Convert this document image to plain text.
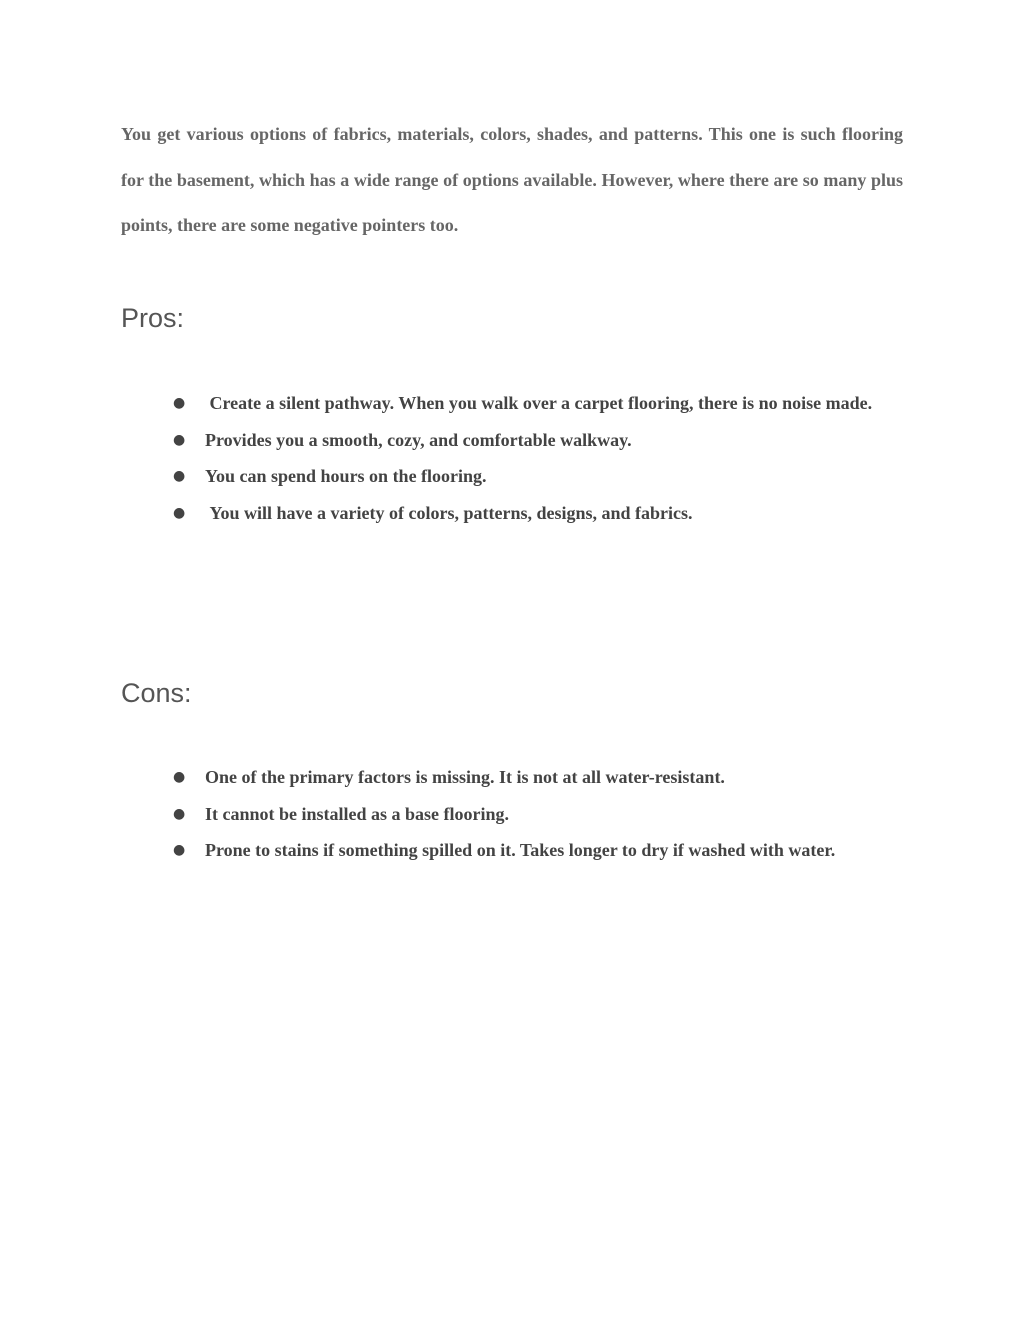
You get various options of fabrics, materials, colors, shades, and patterns. This one is such flooring for the basement, which has a wide range of options available. However, where there are so many plus points, there are some negative pointers too.

Pros:
● Create a silent pathway. When you walk over a carpet flooring, there is no noise made.
● Provides you a smooth, cozy, and comfortable walkway.
● You can spend hours on the flooring.
● You will have a variety of colors, patterns, designs, and fabrics.
Cons:
● One of the primary factors is missing. It is not at all water-resistant.
● It cannot be installed as a base flooring.
● Prone to stains if something spilled on it. Takes longer to dry if washed with water.
